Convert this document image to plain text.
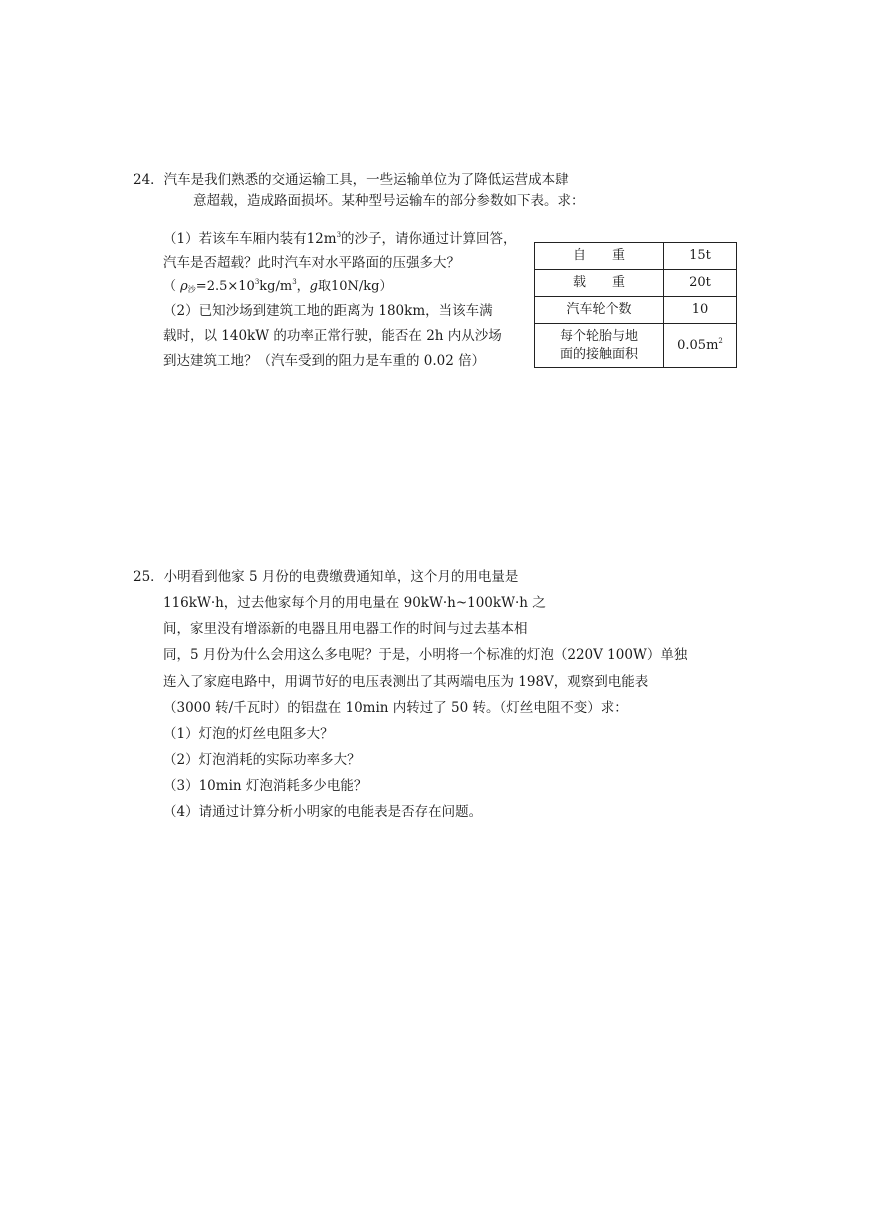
24．汽车是我们熟悉的交通运输工具，一些运输单位为了降低运营成本肆
意超载，造成路面损坏。某种型号运输车的部分参数如下表。求：
（1）若该车车厢内装有$12m^3$的沙子，请你通过计算回答，
汽车是否超载？此时汽车对水平路面的压强多大？
（ $\rho_沙=2.5\times 10^3kg/m^3$，g取10N/kg）
（2）已知沙场到建筑工地的距离为 180km，当该车满
载时，以 140kW 的功率正常行驶，能否在 2h 内从沙场
到达建筑工地？（汽车受到的阻力是车重的 0.02 倍）
自　　重	15t
载　　重	20t
汽车轮个数	10

每个轮胎与地
面的接触面积	$0.05m^2$
25．小明看到他家 5 月份的电费缴费通知单，这个月的用电量是
116kW·h，过去他家每个月的用电量在 90kW·h~100kW·h 之
间，家里没有增添新的电器且用电器工作的时间与过去基本相
同，5 月份为什么会用这么多电呢？于是，小明将一个标准的灯泡（220V 100W）单独
连入了家庭电路中，用调节好的电压表测出了其两端电压为 198V，观察到电能表
（3000 转/千瓦时）的铝盘在 10min 内转过了 50 转。（灯丝电阻不变）求：
（1）灯泡的灯丝电阻多大？
（2）灯泡消耗的实际功率多大？
（3）10min 灯泡消耗多少电能？
（4）请通过计算分析小明家的电能表是否存在问题。
